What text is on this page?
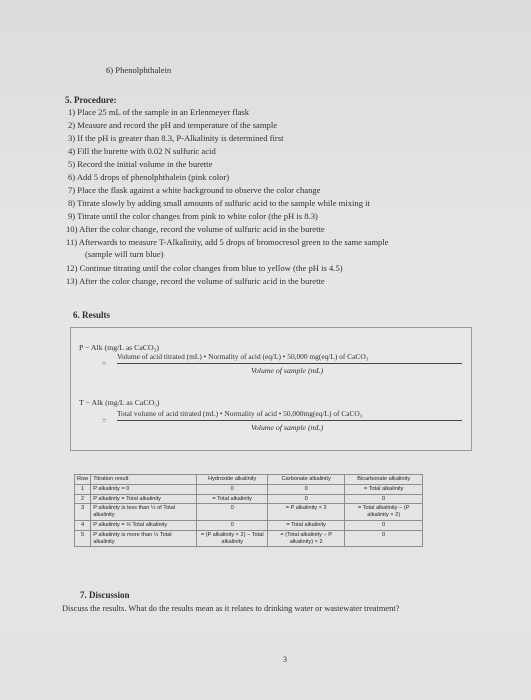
6) Phenolphthalein
5. Procedure:
1) Place 25 mL of the sample in an Erlenmeyer flask
2) Measure and record the pH and temperature of the sample
3) If the pH is greater than 8.3, P-Alkalinity is determined first
4) Fill the burette with 0.02 N sulfuric acid
5) Record the initial volume in the burette
6) Add 5 drops of phenolphthalein (pink color)
7) Place the flask against a white background to observe the color change
8) Titrate slowly by adding small amounts of sulfuric acid to the sample while mixing it
9) Titrate until the color changes from pink to white color (the pH is 8.3)
10) After the color change, record the volume of sulfuric acid in the burette
11) Afterwards to measure T-Alkalinity, add 5 drops of bromocresol green to the same sample
(sample will turn blue)
12) Continue titrating until the color changes from blue to yellow (the pH is 4.5)
13) After the color change, record the volume of sulfuric acid in the burette
6. Results
P − Alk (mg/L as CaCO₃)
=
Volume of acid titrated (mL) • Normality of acid (eq/L) • 50,000 mg(eq/L) of CaCO₃
Volume of sample (mL)
T − Alk (mg/L as CaCO₃)
=
Total volume of acid titrated (mL) • Normality of acid • 50,000mg(eq/L) of CaCO₃
Volume of sample (mL)
Row	Titration result	Hydroxide alkalinity	Carbonate alkalinity	Bicarbonate alkalinity
1	P alkalinity = 0	0	0	= Total alkalinity
2	P alkalinity = Total alkalinity	= Total alkalinity	0	0
3	P alkalinity is less than ½ of Total alkalinity	0	= P alkalinity × 2	= Total alkalinity − (P alkalinity × 2)
4	P alkalinity = ½ Total alkalinity	0	= Total alkalinity	0
5	P alkalinity is more than ½ Total alkalinity	= (P alkalinity × 2) − Total alkalinity	= (Total alkalinity − P alkalinity) × 2	0
7. Discussion
Discuss the results. What do the results mean as it relates to drinking water or wastewater treatment?
3
